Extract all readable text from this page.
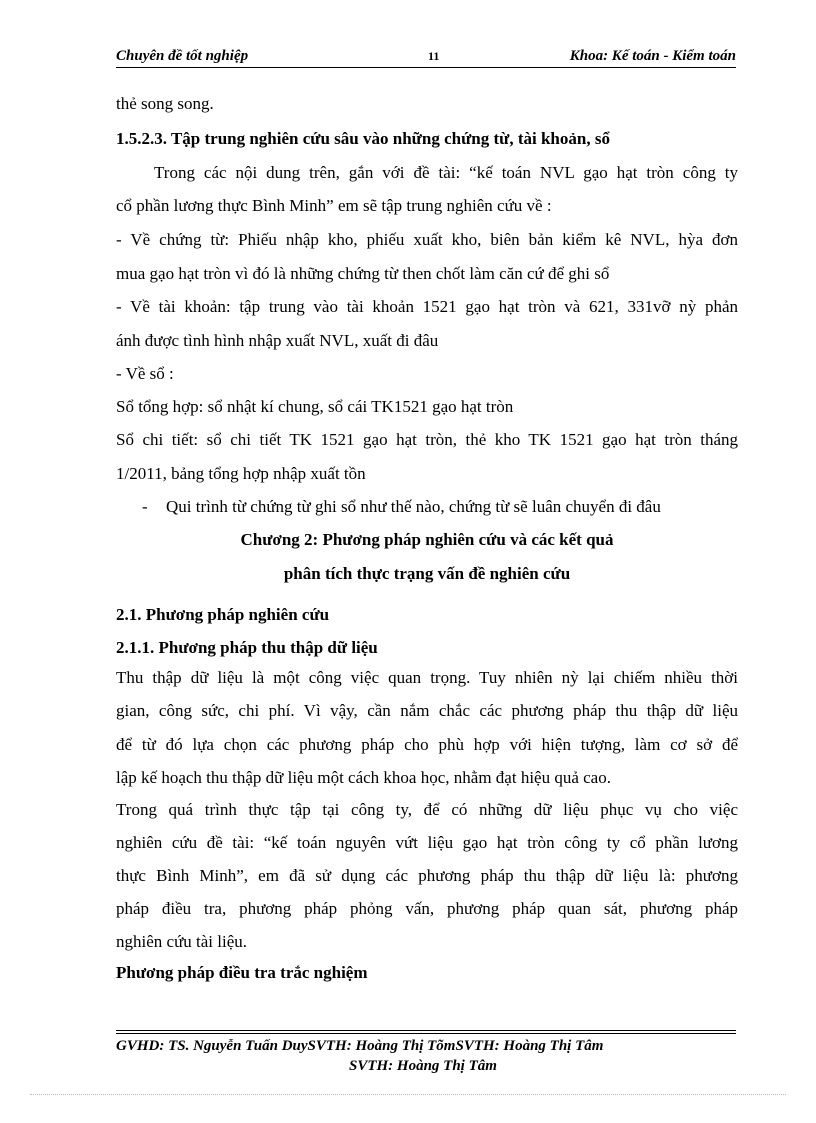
Chuyên đề tốt nghiệp	11	Khoa: Kế toán - Kiểm toán
thẻ song song.
1.5.2.3. Tập trung nghiên cứu sâu vào những chứng từ, tài khoản, sổ
Trong các nội dung trên, gắn với đề tài: “kế toán NVL gạo hạt tròn công ty
cổ phần lương thực Bình Minh” em sẽ tập trung nghiên cứu về :
- Về chứng từ: Phiếu nhập kho, phiếu xuất kho, biên bản kiểm kê NVL, hỳa đơn
mua gạo hạt tròn vì đó là những chứng từ then chốt làm căn cứ để ghi sổ
- Về tài khoản: tập trung vào tài khoản 1521 gạo hạt tròn và 621, 331vỡ nỳ phản
ánh được tình hình nhập xuất NVL, xuất đi đâu
- Về sổ :
Sổ tổng hợp: sổ nhật kí chung, sổ cái TK1521 gạo hạt tròn
Sổ chi tiết: sổ chi tiết TK 1521 gạo hạt tròn, thẻ kho TK 1521 gạo hạt tròn tháng
1/2011, bảng tổng hợp nhập xuất tồn
-	Qui trình từ chứng từ ghi sổ như thế nào, chứng từ sẽ luân chuyển đi đâu
Chương 2: Phương pháp nghiên cứu và các kết quả
phân tích thực trạng vấn đề nghiên cứu
2.1. Phương pháp nghiên cứu
2.1.1. Phương pháp thu thập dữ liệu
Thu thập dữ liệu là một công việc quan trọng. Tuy nhiên nỳ lại chiếm nhiều thời
gian, công sức, chi phí. Vì vậy, cần nắm chắc các phương pháp thu thập dữ liệu
để từ đó lựa chọn các phương pháp cho phù hợp với hiện tượng, làm cơ sở để
lập kế hoạch thu thập dữ liệu một cách khoa học, nhằm đạt hiệu quả cao.
Trong quá trình thực tập tại công ty, để có những dữ liệu phục vụ cho việc
nghiên cứu đề tài: “kế toán nguyên vứt liệu gạo hạt tròn công ty cổ phần lương
thực Bình Minh”, em đã sử dụng các phương pháp thu thập dữ liệu là: phương
pháp điều tra, phương pháp phỏng vấn, phương pháp quan sát, phương pháp
nghiên cứu tài liệu.
Phương pháp điều tra trắc nghiệm
GVHD: TS. Nguyễn Tuấn DuySVTH: Hoàng Thị TõmSVTH: Hoàng Thị Tâm
SVTH: Hoàng Thị Tâm
